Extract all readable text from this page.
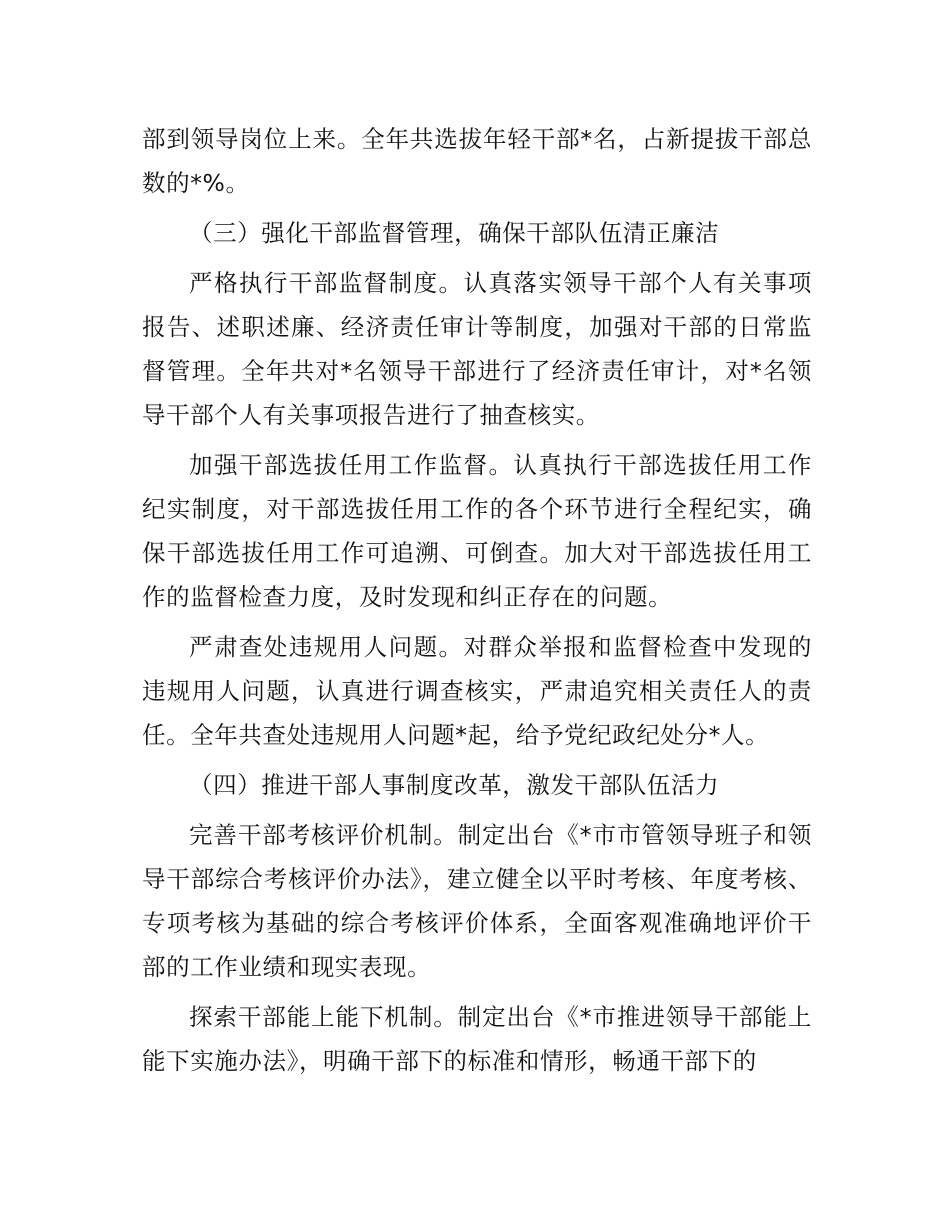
部到领导岗位上来。全年共选拔年轻干部*名，占新提拔干部总数的*%。

（三）强化干部监督管理，确保干部队伍清正廉洁

严格执行干部监督制度。认真落实领导干部个人有关事项报告、述职述廉、经济责任审计等制度，加强对干部的日常监督管理。全年共对*名领导干部进行了经济责任审计，对*名领导干部个人有关事项报告进行了抽查核实。

加强干部选拔任用工作监督。认真执行干部选拔任用工作纪实制度，对干部选拔任用工作的各个环节进行全程纪实，确保干部选拔任用工作可追溯、可倒查。加大对干部选拔任用工作的监督检查力度，及时发现和纠正存在的问题。

严肃查处违规用人问题。对群众举报和监督检查中发现的违规用人问题，认真进行调查核实，严肃追究相关责任人的责任。全年共查处违规用人问题*起，给予党纪政纪处分*人。

（四）推进干部人事制度改革，激发干部队伍活力

完善干部考核评价机制。制定出台《*市市管领导班子和领导干部综合考核评价办法》，建立健全以平时考核、年度考核、专项考核为基础的综合考核评价体系，全面客观准确地评价干部的工作业绩和现实表现。

探索干部能上能下机制。制定出台《*市推进领导干部能上能下实施办法》，明确干部下的标准和情形，畅通干部下的
